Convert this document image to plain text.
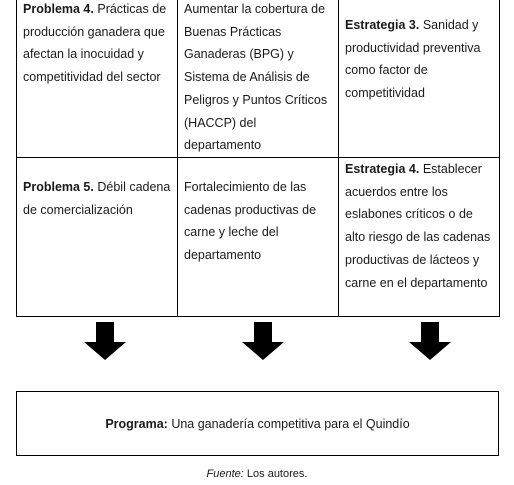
Problema 4. Prácticas de producción ganadera que afectan la inocuidad y competitividad del sector	Aumentar la cobertura de Buenas Prácticas Ganaderas (BPG) y Sistema de Análisis de Peligros y Puntos Críticos (HACCP) del departamento	Estrategia 3. Sanidad y productividad preventiva como factor de competitividad
Problema 5. Débil cadena de comercialización	Fortalecimiento de las cadenas productivas de carne y leche del departamento	Estrategia 4. Establecer acuerdos entre los eslabones críticos o de alto riesgo de las cadenas productivas de lácteos y carne en el departamento
Programa: Una ganadería competitiva para el Quindío
Fuente: Los autores.
